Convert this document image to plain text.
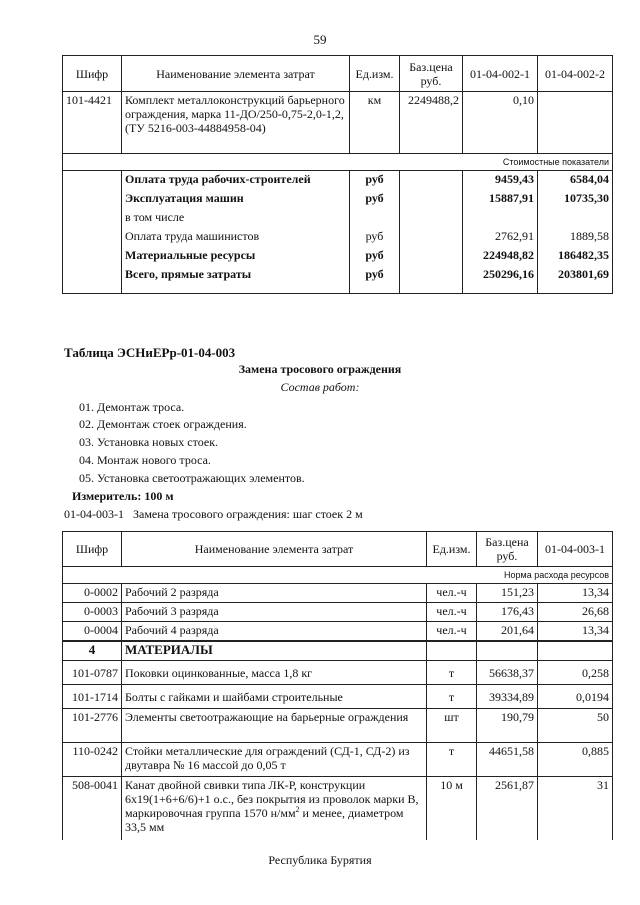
59
Шифр	Наименование элемента затрат	Ед.изм.	Баз.цена руб.	01-04-002-1	01-04-002-2
101-4421	Комплект металлоконструкций барьерного ограждения, марка 11-ДО/250-0,75-2,0-1,2, (ТУ 5216-003-44884958-04)	км	2249488,2	0,10	
Стоимостные показатели					
	Оплата труда рабочих-строителей	руб		9459,43	6584,04
	Эксплуатация машин	руб		15887,91	10735,30
	в том числе				
	Оплата труда машинистов	руб		2762,91	1889,58
	Материальные ресурсы	руб		224948,82	186482,35
	Всего, прямые затраты	руб		250296,16	203801,69
Таблица ЭСНиЕРр-01-04-003
Замена тросового ограждения
Состав работ:
01. Демонтаж троса.
02. Демонтаж стоек ограждения.
03. Установка новых стоек.
04. Монтаж нового троса.
05. Установка светоотражающих элементов.
Измеритель: 100 м
01-04-003-1   Замена тросового ограждения: шаг стоек 2 м
Шифр	Наименование элемента затрат	Ед.изм.	Баз.цена руб.	01-04-003-1
Норма расхода ресурсов				
0-0002	Рабочий 2 разряда	чел.-ч	151,23	13,34
0-0003	Рабочий 3 разряда	чел.-ч	176,43	26,68
0-0004	Рабочий 4 разряда	чел.-ч	201,64	13,34
4	МАТЕРИАЛЫ			
101-0787	Поковки оцинкованные, масса 1,8 кг	т	56638,37	0,258
101-1714	Болты с гайками и шайбами строительные	т	39334,89	0,0194
101-2776	Элементы светоотражающие на барьерные ограждения	шт	190,79	50
110-0242	Стойки металлические для ограждений (СД-1, СД-2) из двутавра № 16 массой до 0,05 т	т	44651,58	0,885
508-0041	Канат двойной свивки типа ЛК-Р, конструкции 6х19(1+6+6/6)+1 о.с., без покрытия из проволок марки В, маркировочная группа 1570 $н/мм^2$ и менее, диаметром 33,5 мм	10 м	2561,87	31
Республика Бурятия
